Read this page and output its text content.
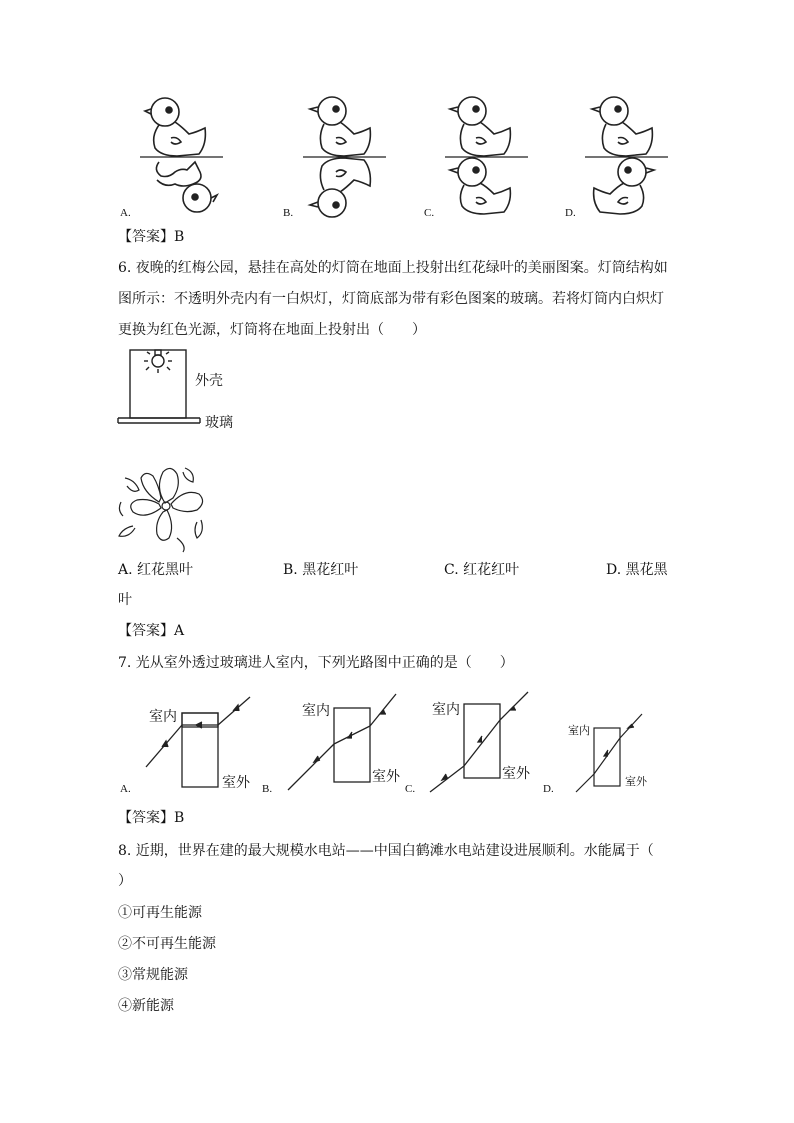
A.	B.	C.	D.
【答案】B
6. 夜晚的红梅公园，悬挂在高处的灯筒在地面上投射出红花绿叶的美丽图案。灯筒结构如
图所示：不透明外壳内有一白炽灯，灯筒底部为带有彩色图案的玻璃。若将灯筒内白炽灯
更换为红色光源，灯筒将在地面上投射出（　　）
外壳
玻璃
A. 红花黑叶	B. 黑花红叶	C. 红花红叶	D. 黑花黑
叶
【答案】A
7. 光从室外透过玻璃进人室内，下列光路图中正确的是（　　）
室内
室外
室内
室外
室内
室外
室内
室外
A.	B.	C.	D.
【答案】B
8. 近期，世界在建的最大规模水电站——中国白鹤滩水电站建设进展顺利。水能属于（
）
①可再生能源
②不可再生能源
③常规能源
④新能源
